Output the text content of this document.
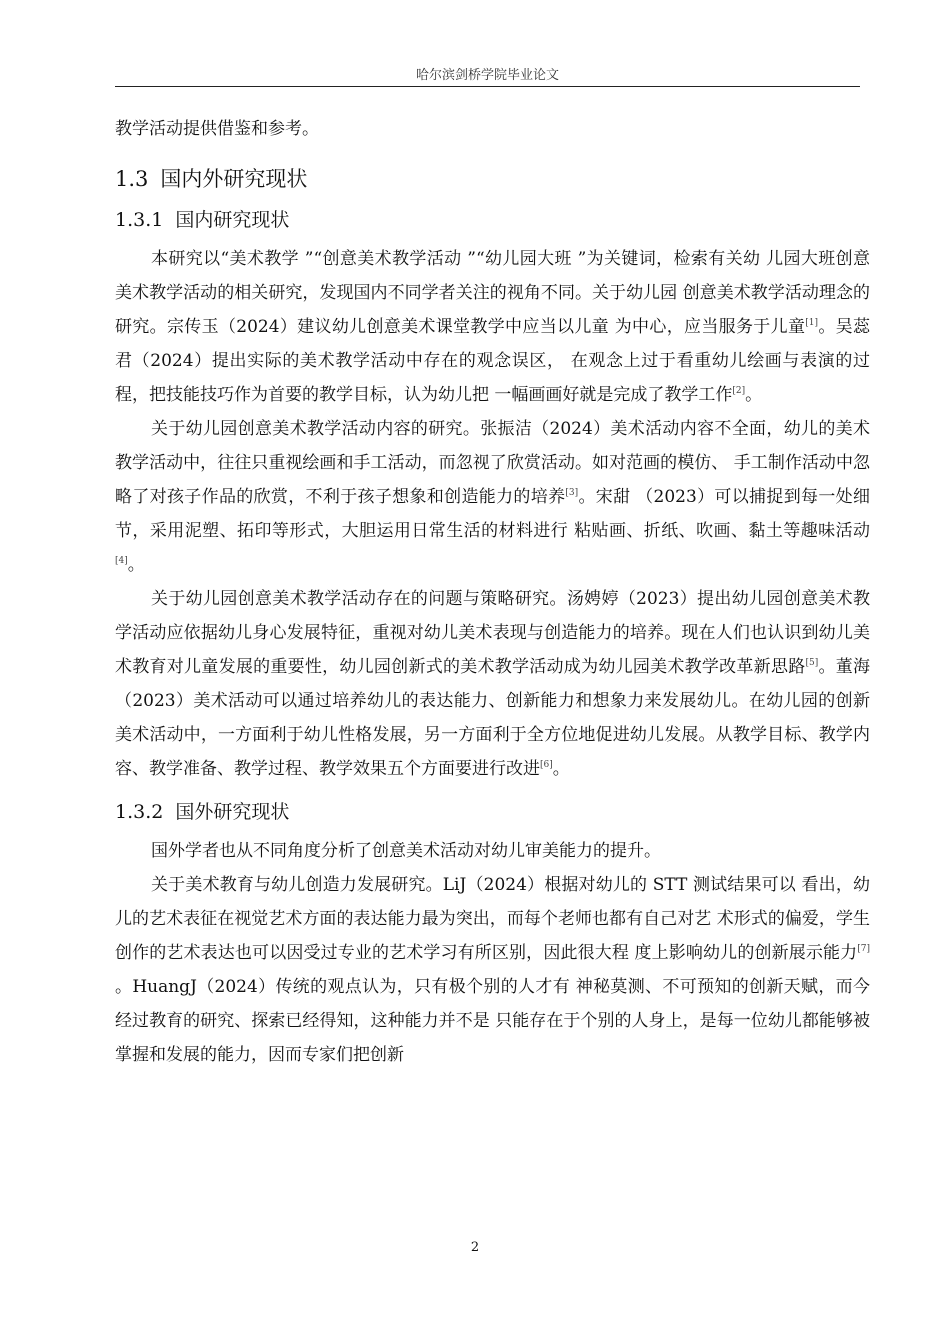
哈尔滨剑桥学院毕业论文

教学活动提供借鉴和参考。

1.3 国内外研究现状
1.3.1 国内研究现状

本研究以“美术教学 ”“创意美术教学活动 ”“幼儿园大班 ”为关键词，检索有关幼 儿园大班创意美术教学活动的相关研究，发现国内不同学者关注的视角不同。关于幼儿园 创意美术教学活动理念的研究。宗传玉（2024）建议幼儿创意美术课堂教学中应当以儿童 为中心，应当服务于儿童[1]。吴蕊君（2024）提出实际的美术教学活动中存在的观念误区， 在观念上过于看重幼儿绘画与表演的过程，把技能技巧作为首要的教学目标，认为幼儿把 一幅画画好就是完成了教学工作[2]。

关于幼儿园创意美术教学活动内容的研究。张振洁（2024）美术活动内容不全面，幼儿的美术教学活动中，往往只重视绘画和手工活动，而忽视了欣赏活动。如对范画的模仿、 手工制作活动中忽略了对孩子作品的欣赏，不利于孩子想象和创造能力的培养[3]。宋甜 （2023）可以捕捉到每一处细节，采用泥塑、拓印等形式，大胆运用日常生活的材料进行 粘贴画、折纸、吹画、黏土等趣味活动[4]。

关于幼儿园创意美术教学活动存在的问题与策略研究。汤娉婷（2023）提出幼儿园创意美术教学活动应依据幼儿身心发展特征，重视对幼儿美术表现与创造能力的培养。现在人们也认识到幼儿美术教育对儿童发展的重要性，幼儿园创新式的美术教学活动成为幼儿园美术教学改革新思路[5]。董海（2023）美术活动可以通过培养幼儿的表达能力、创新能力和想象力来发展幼儿。在幼儿园的创新美术活动中，一方面利于幼儿性格发展，另一方面利于全方位地促进幼儿发展。从教学目标、教学内容、教学准备、教学过程、教学效果五个方面要进行改进[6]。

1.3.2 国外研究现状

国外学者也从不同角度分析了创意美术活动对幼儿审美能力的提升。

关于美术教育与幼儿创造力发展研究。LiJ（2024）根据对幼儿的 STT 测试结果可以 看出，幼儿的艺术表征在视觉艺术方面的表达能力最为突出，而每个老师也都有自己对艺 术形式的偏爱，学生创作的艺术表达也可以因受过专业的艺术学习有所区别，因此很大程 度上影响幼儿的创新展示能力[7] 。HuangJ（2024）传统的观点认为，只有极个别的人才有 神秘莫测、不可预知的创新天赋，而今经过教育的研究、探索已经得知，这种能力并不是 只能存在于个别的人身上，是每一位幼儿都能够被掌握和发展的能力，因而专家们把创新

2
